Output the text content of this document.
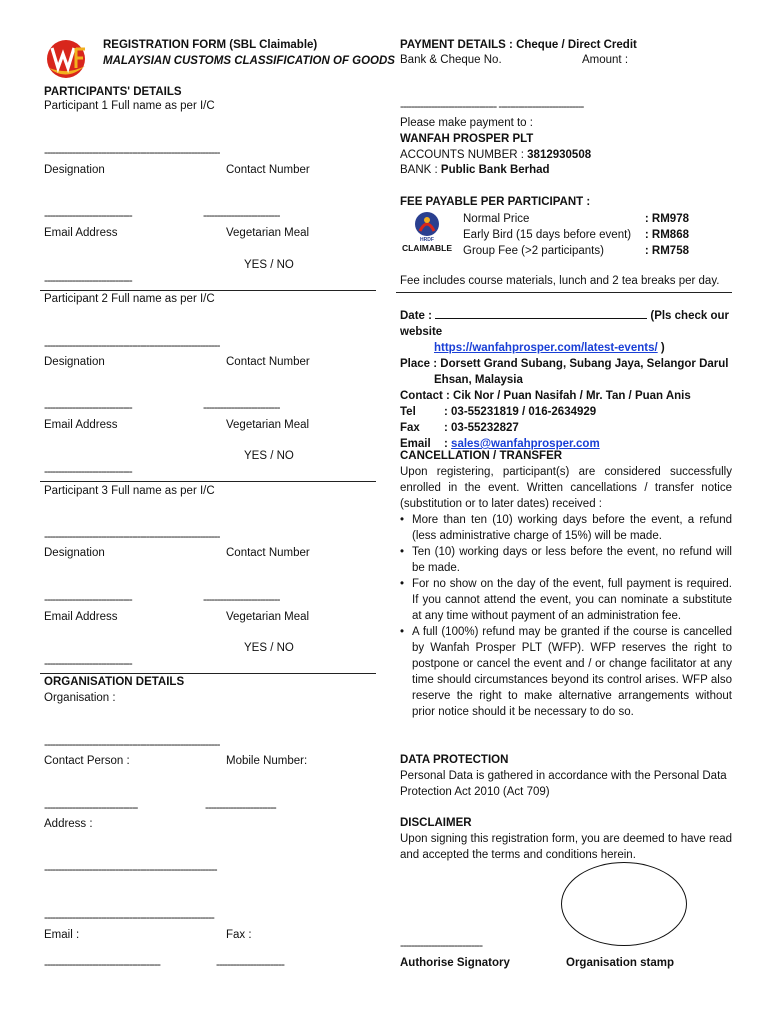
REGISTRATION FORM (SBL Claimable)
MALAYSIAN CUSTOMS CLASSIFICATION OF GOODS
PARTICIPANTS' DETAILS
Participant 1 Full name as per I/C
--------------------------------------------------------------
Designation	Contact Number
-------------------------------	---------------------------
Email Address	Vegetarian Meal
YES / NO
-------------------------------
Participant 2 Full name as per I/C
--------------------------------------------------------------
Designation	Contact Number
-------------------------------	---------------------------
Email Address	Vegetarian Meal
YES / NO
-------------------------------
Participant 3 Full name as per I/C
--------------------------------------------------------------
Designation	Contact Number
-------------------------------	---------------------------
Email Address	Vegetarian Meal
YES / NO
-------------------------------
ORGANISATION DETAILS
Organisation :
--------------------------------------------------------------
Contact Person :	Mobile Number:
---------------------------------	-------------------------
Address :
-------------------------------------------------------------
------------------------------------------------------------
Email :	Fax :
-----------------------------------------	------------------------
PAYMENT DETAILS : Cheque / Direct Credit
Bank & Cheque No.	Amount :
---------------------------------- ------------------------------
Please make payment to :
WANFAH PROSPER PLT
ACCOUNTS NUMBER : 3812930508
BANK : Public Bank Berhad
FEE PAYABLE PER PARTICIPANT :
HRDF
CLAIMABLE
Normal Price	: RM978
Early Bird (15 days before event)	: RM868
Group Fee (>2 participants)	: RM758
Fee includes course materials, lunch and 2 tea breaks per day.
Date :	(Pls check our website
https://wanfahprosper.com/latest-events/ )
Place : Dorsett Grand Subang, Subang Jaya, Selangor Darul
Ehsan, Malaysia
Contact : Cik Nor / Puan Nasifah / Mr. Tan / Puan Anis
Tel : 03-55231819 / 016-2634929
Fax : 03-55232827
Email : sales@wanfahprosper.com
CANCELLATION / TRANSFER
Upon registering, participant(s) are considered successfully enrolled in the event. Written cancellations / transfer notice (substitution or to later dates) received :
• More than ten (10) working days before the event, a refund (less administrative charge of 15%) will be made.
• Ten (10) working days or less before the event, no refund will be made.
• For no show on the day of the event, full payment is required. If you cannot attend the event, you can nominate a substitute at any time without payment of an administration fee.
• A full (100%) refund may be granted if the course is cancelled by Wanfah Prosper PLT (WFP). WFP reserves the right to postpone or cancel the event and / or change facilitator at any time should circumstances beyond its control arises. WFP also reserve the right to make alternative arrangements without prior notice should it be necessary to do so.
DATA PROTECTION
Personal Data is gathered in accordance with the Personal Data Protection Act 2010 (Act 709)
DISCLAIMER
Upon signing this registration form, you are deemed to have read and accepted the terms and conditions herein.
-----------------------------
Authorise Signatory	Organisation stamp
